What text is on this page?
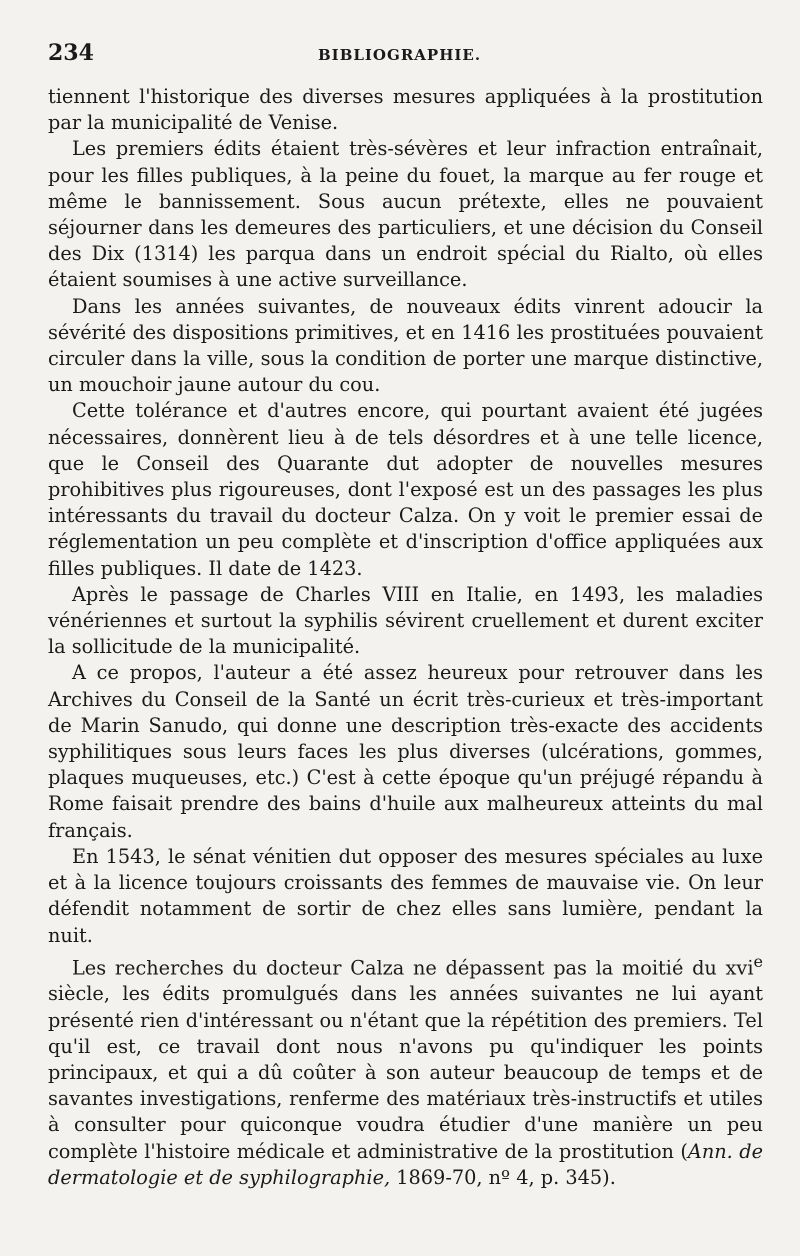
234	BIBLIOGRAPHIE.

tiennent l'historique des diverses mesures appliquées à la prostitution par la municipalité de Venise.

Les premiers édits étaient très-sévères et leur infraction entraînait, pour les filles publiques, à la peine du fouet, la marque au fer rouge et même le bannissement. Sous aucun prétexte, elles ne pouvaient séjourner dans les demeures des particuliers, et une décision du Conseil des Dix (1314) les parqua dans un endroit spécial du Rialto, où elles étaient soumises à une active surveillance.

Dans les années suivantes, de nouveaux édits vinrent adoucir la sévérité des dispositions primitives, et en 1416 les prostituées pouvaient circuler dans la ville, sous la condition de porter une marque distinctive, un mouchoir jaune autour du cou.

Cette tolérance et d'autres encore, qui pourtant avaient été jugées nécessaires, donnèrent lieu à de tels désordres et à une telle licence, que le Conseil des Quarante dut adopter de nouvelles mesures prohibitives plus rigoureuses, dont l'exposé est un des passages les plus intéressants du travail du docteur Calza. On y voit le premier essai de réglementation un peu complète et d'inscription d'office appliquées aux filles publiques. Il date de 1423.

Après le passage de Charles VIII en Italie, en 1493, les maladies vénériennes et surtout la syphilis sévirent cruellement et durent exciter la sollicitude de la municipalité.

A ce propos, l'auteur a été assez heureux pour retrouver dans les Archives du Conseil de la Santé un écrit très-curieux et très-important de Marin Sanudo, qui donne une description très-exacte des accidents syphilitiques sous leurs faces les plus diverses (ulcérations, gommes, plaques muqueuses, etc.) C'est à cette époque qu'un préjugé répandu à Rome faisait prendre des bains d'huile aux malheureux atteints du mal français.

En 1543, le sénat vénitien dut opposer des mesures spéciales au luxe et à la licence toujours croissants des femmes de mauvaise vie. On leur défendit notamment de sortir de chez elles sans lumière, pendant la nuit.

Les recherches du docteur Calza ne dépassent pas la moitié du xvi$^e$ siècle, les édits promulgués dans les années suivantes ne lui ayant présenté rien d'intéressant ou n'étant que la répétition des premiers. Tel qu'il est, ce travail dont nous n'avons pu qu'indiquer les points principaux, et qui a dû coûter à son auteur beaucoup de temps et de savantes investigations, renferme des matériaux très-instructifs et utiles à consulter pour quiconque voudra étudier d'une manière un peu complète l'histoire médicale et administrative de la prostitution (Ann. de dermatologie et de syphilographie, 1869-70, nº 4, p. 345).
